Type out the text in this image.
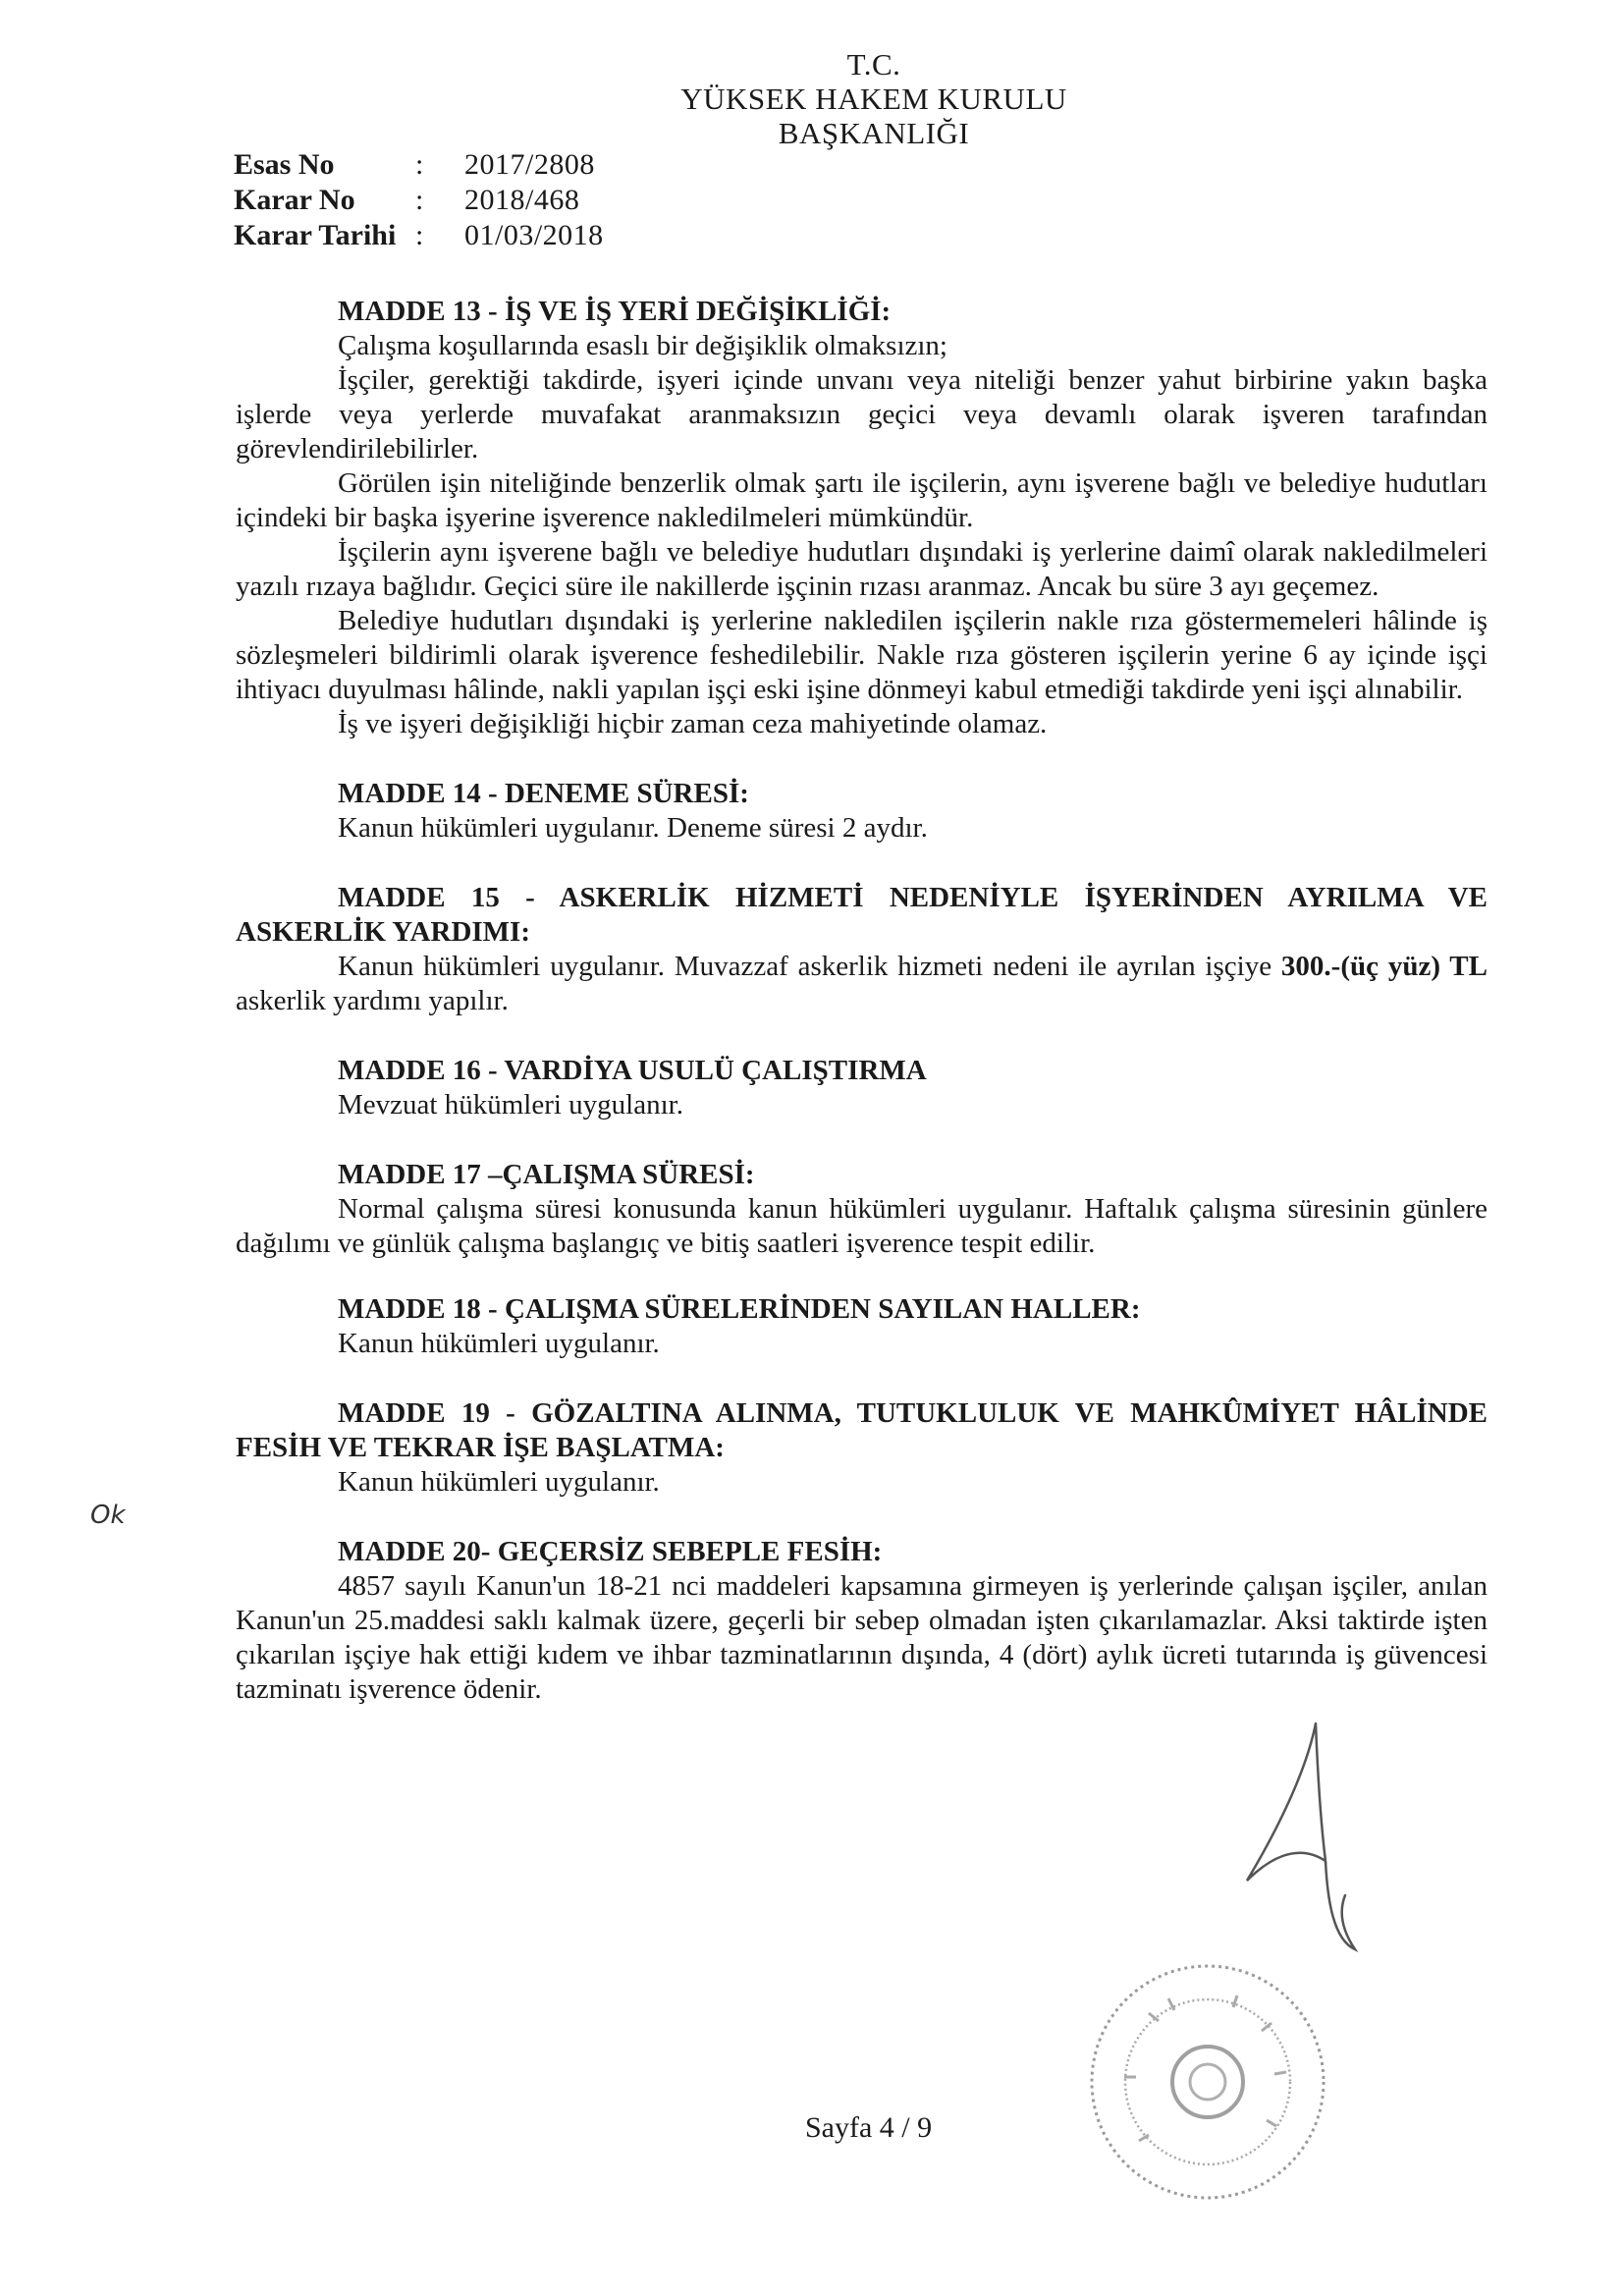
T.C.
YÜKSEK HAKEM KURULU
BAŞKANLIĞI
Esas No	:	2017/2808
Karar No	:	2018/468
Karar Tarihi :	01/03/2018

MADDE 13 - İŞ VE İŞ YERİ DEĞİŞİKLİĞİ:

Çalışma koşullarında esaslı bir değişiklik olmaksızın;

İşçiler, gerektiği takdirde, işyeri içinde unvanı veya niteliği benzer yahut birbirine yakın başka işlerde veya yerlerde muvafakat aranmaksızın geçici veya devamlı olarak işveren tarafından görevlendirilebilirler.

Görülen işin niteliğinde benzerlik olmak şartı ile işçilerin, aynı işverene bağlı ve belediye hudutları içindeki bir başka işyerine işverence nakledilmeleri mümkündür.

İşçilerin aynı işverene bağlı ve belediye hudutları dışındaki iş yerlerine daimî olarak nakledilmeleri yazılı rızaya bağlıdır. Geçici süre ile nakillerde işçinin rızası aranmaz. Ancak bu süre 3 ayı geçemez.

Belediye hudutları dışındaki iş yerlerine nakledilen işçilerin nakle rıza göstermemeleri hâlinde iş sözleşmeleri bildirimli olarak işverence feshedilebilir. Nakle rıza gösteren işçilerin yerine 6 ay içinde işçi ihtiyacı duyulması hâlinde, nakli yapılan işçi eski işine dönmeyi kabul etmediği takdirde yeni işçi alınabilir.

İş ve işyeri değişikliği hiçbir zaman ceza mahiyetinde olamaz.

MADDE 14 - DENEME SÜRESİ:

Kanun hükümleri uygulanır. Deneme süresi 2 aydır.

MADDE 15 - ASKERLİK HİZMETİ NEDENİYLE İŞYERİNDEN AYRILMA VE ASKERLİK YARDIMI:

Kanun hükümleri uygulanır. Muvazzaf askerlik hizmeti nedeni ile ayrılan işçiye 300.-(üç yüz) TL askerlik yardımı yapılır.

MADDE 16 - VARDİYA USULÜ ÇALIŞTIRMA

Mevzuat hükümleri uygulanır.

MADDE 17 –ÇALIŞMA SÜRESİ:

Normal çalışma süresi konusunda kanun hükümleri uygulanır. Haftalık çalışma süresinin günlere dağılımı ve günlük çalışma başlangıç ve bitiş saatleri işverence tespit edilir.

MADDE 18 - ÇALIŞMA SÜRELERİNDEN SAYILAN HALLER:

Kanun hükümleri uygulanır.

MADDE 19 - GÖZALTINA ALINMA, TUTUKLULUK VE MAHKÛMİYET HÂLİNDE FESİH VE TEKRAR İŞE BAŞLATMA:

Kanun hükümleri uygulanır.

MADDE 20- GEÇERSİZ SEBEPLE FESİH:

4857 sayılı Kanun'un 18-21 nci maddeleri kapsamına girmeyen iş yerlerinde çalışan işçiler, anılan Kanun'un 25.maddesi saklı kalmak üzere, geçerli bir sebep olmadan işten çıkarılamazlar. Aksi taktirde işten çıkarılan işçiye hak ettiği kıdem ve ihbar tazminatlarının dışında, 4 (dört) aylık ücreti tutarında iş güvencesi tazminatı işverence ödenir.

Ok
Sayfa 4 / 9
